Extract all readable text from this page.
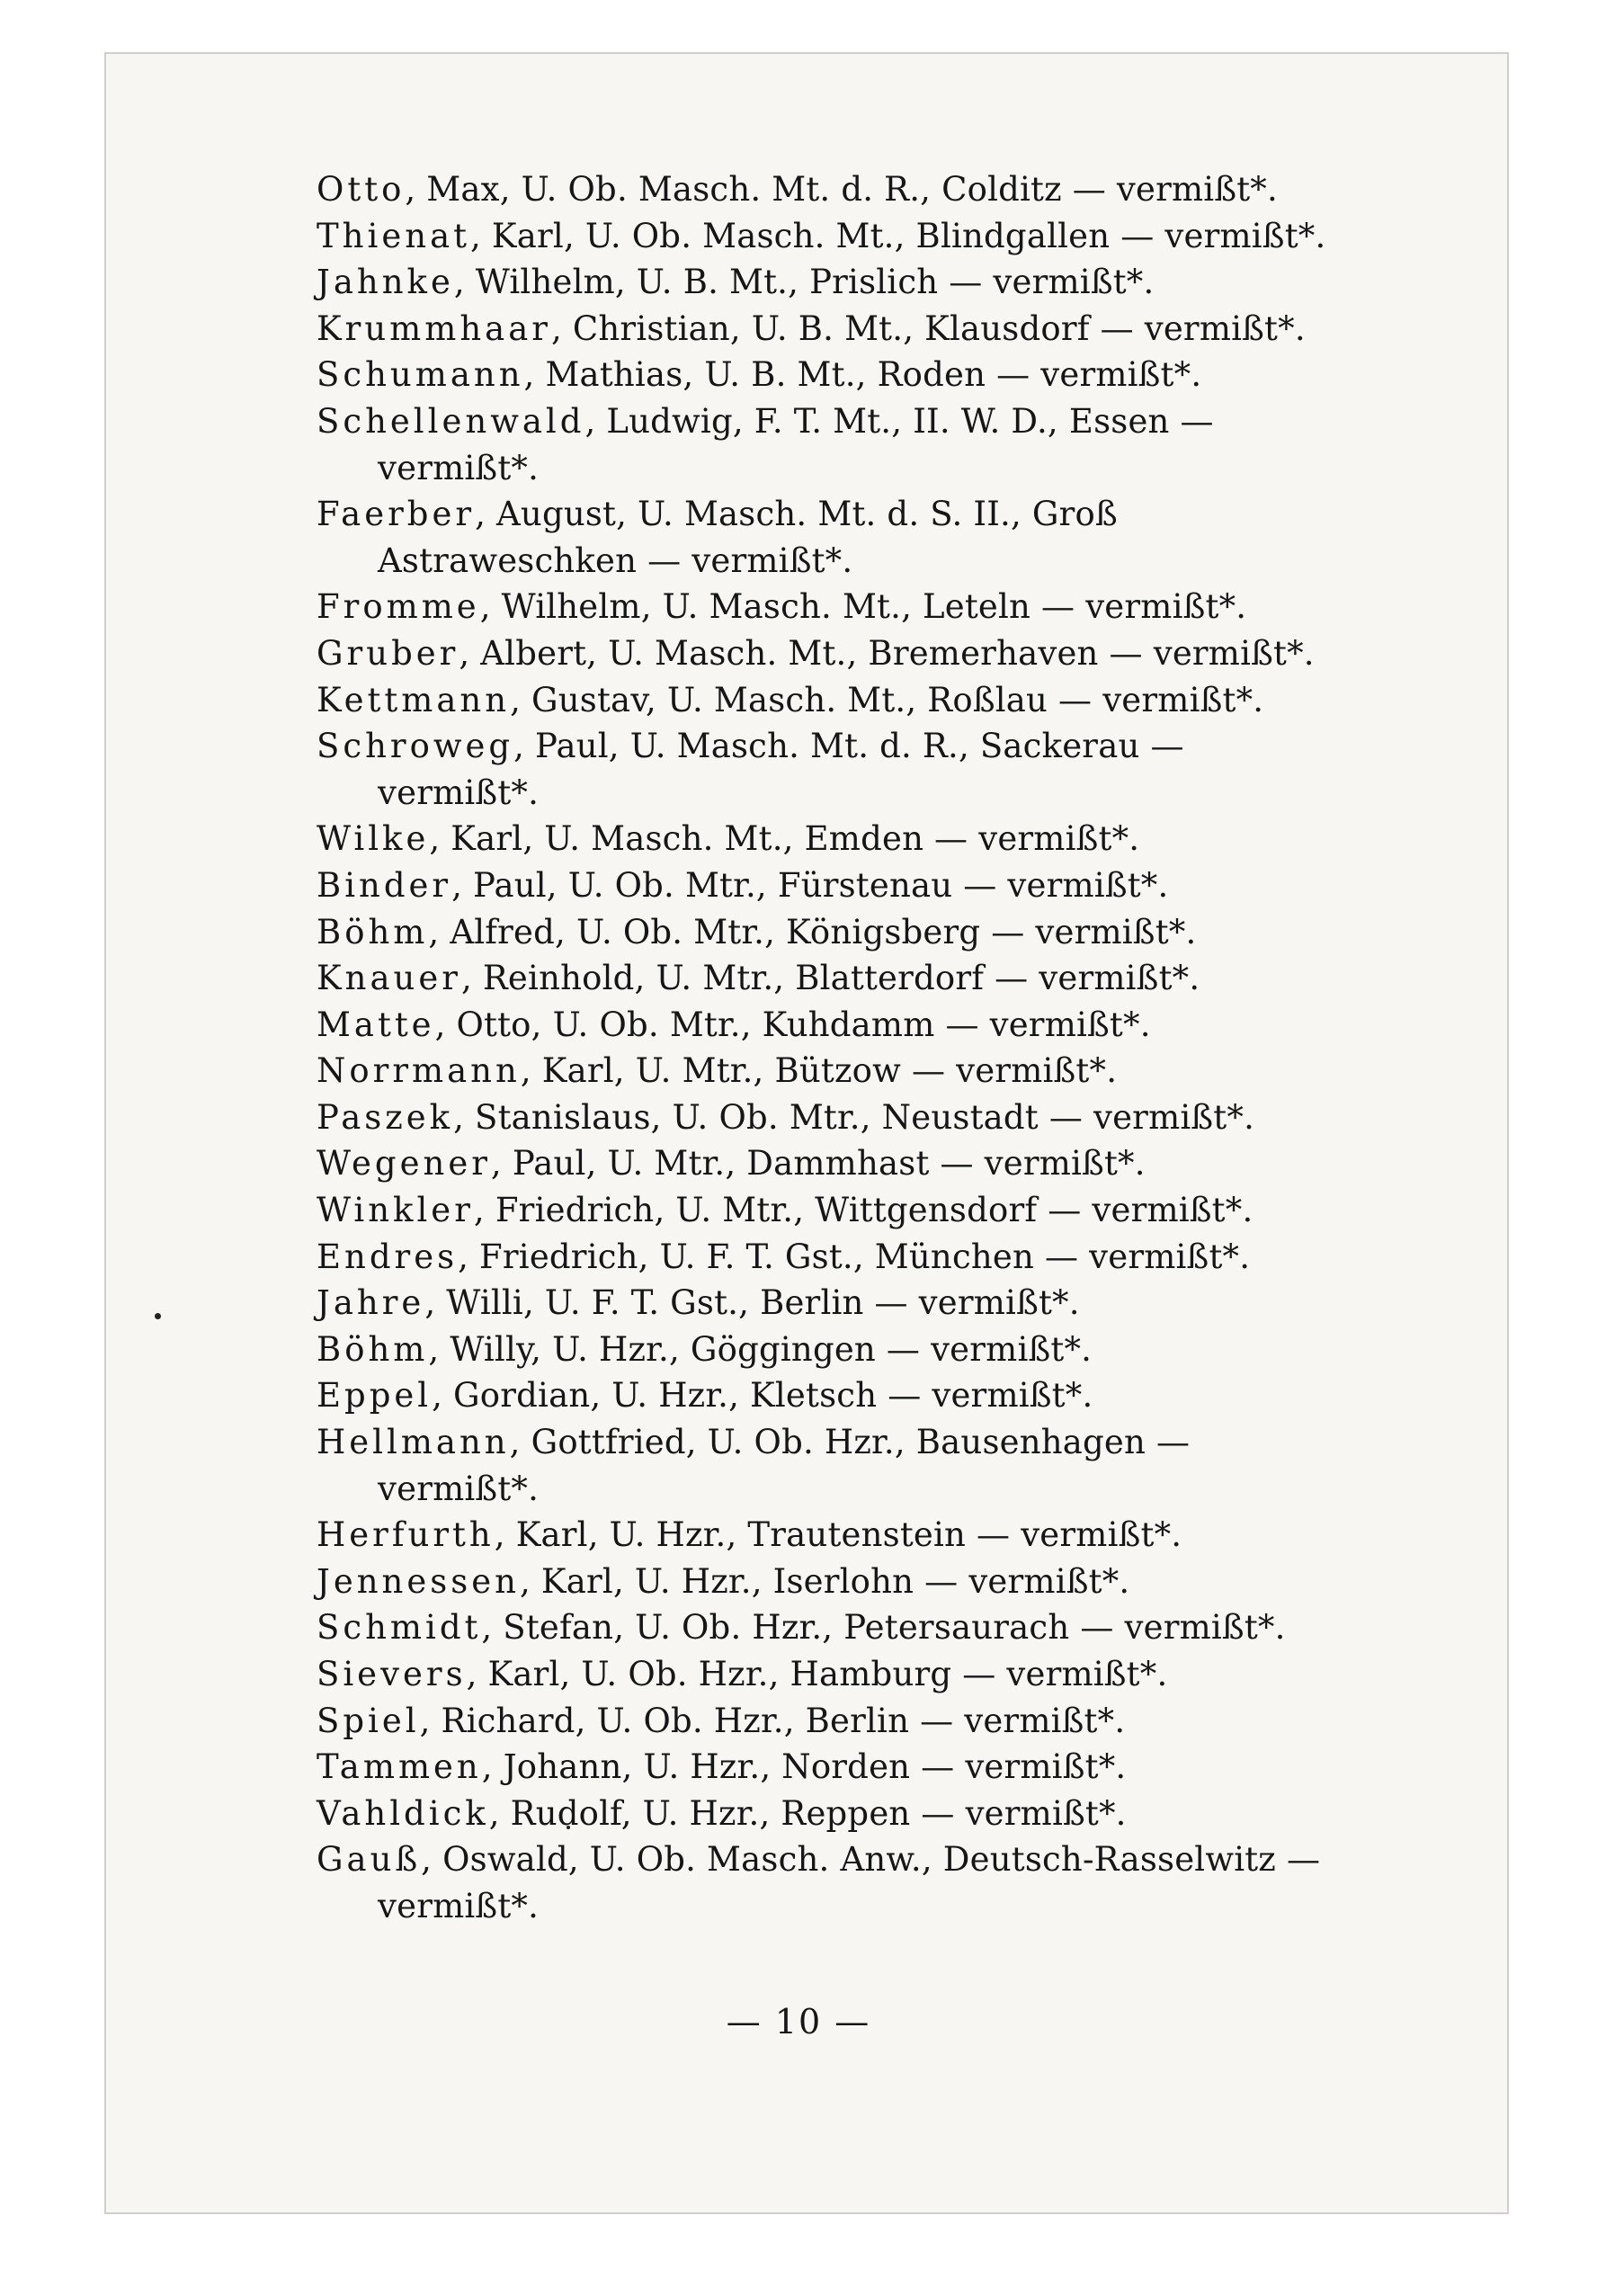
Otto, Max, U. Ob. Masch. Mt. d. R., Colditz — vermißt*.
Thienat, Karl, U. Ob. Masch. Mt., Blindgallen — vermißt*.
Jahnke, Wilhelm, U. B. Mt., Prislich — vermißt*.
Krummhaar, Christian, U. B. Mt., Klausdorf — vermißt*.
Schumann, Mathias, U. B. Mt., Roden — vermißt*.
Schellenwald, Ludwig, F. T. Mt., II. W. D., Essen — vermißt*.
Faerber, August, U. Masch. Mt. d. S. II., Groß Astraweschken — vermißt*.
Fromme, Wilhelm, U. Masch. Mt., Leteln — vermißt*.
Gruber, Albert, U. Masch. Mt., Bremerhaven — vermißt*.
Kettmann, Gustav, U. Masch. Mt., Roßlau — vermißt*.
Schroweg, Paul, U. Masch. Mt. d. R., Sackerau — vermißt*.
Wilke, Karl, U. Masch. Mt., Emden — vermißt*.
Binder, Paul, U. Ob. Mtr., Fürstenau — vermißt*.
Böhm, Alfred, U. Ob. Mtr., Königsberg — vermißt*.
Knauer, Reinhold, U. Mtr., Blatterdorf — vermißt*.
Matte, Otto, U. Ob. Mtr., Kuhdamm — vermißt*.
Norrmann, Karl, U. Mtr., Bützow — vermißt*.
Paszek, Stanislaus, U. Ob. Mtr., Neustadt — vermißt*.
Wegener, Paul, U. Mtr., Dammhast — vermißt*.
Winkler, Friedrich, U. Mtr., Wittgensdorf — vermißt*.
Endres, Friedrich, U. F. T. Gst., München — vermißt*.
Jahre, Willi, U. F. T. Gst., Berlin — vermißt*.
Böhm, Willy, U. Hzr., Göggingen — vermißt*.
Eppel, Gordian, U. Hzr., Kletsch — vermißt*.
Hellmann, Gottfried, U. Ob. Hzr., Bausenhagen — vermißt*.
Herfurth, Karl, U. Hzr., Trautenstein — vermißt*.
Jennessen, Karl, U. Hzr., Iserlohn — vermißt*.
Schmidt, Stefan, U. Ob. Hzr., Petersaurach — vermißt*.
Sievers, Karl, U. Ob. Hzr., Hamburg — vermißt*.
Spiel, Richard, U. Ob. Hzr., Berlin — vermißt*.
Tammen, Johann, U. Hzr., Norden — vermißt*.
Vahldick, Rudolf, U. Hzr., Reppen — vermißt*.
Gauß, Oswald, U. Ob. Masch. Anw., Deutsch-Rasselwitz — vermißt*.
— 10 —
